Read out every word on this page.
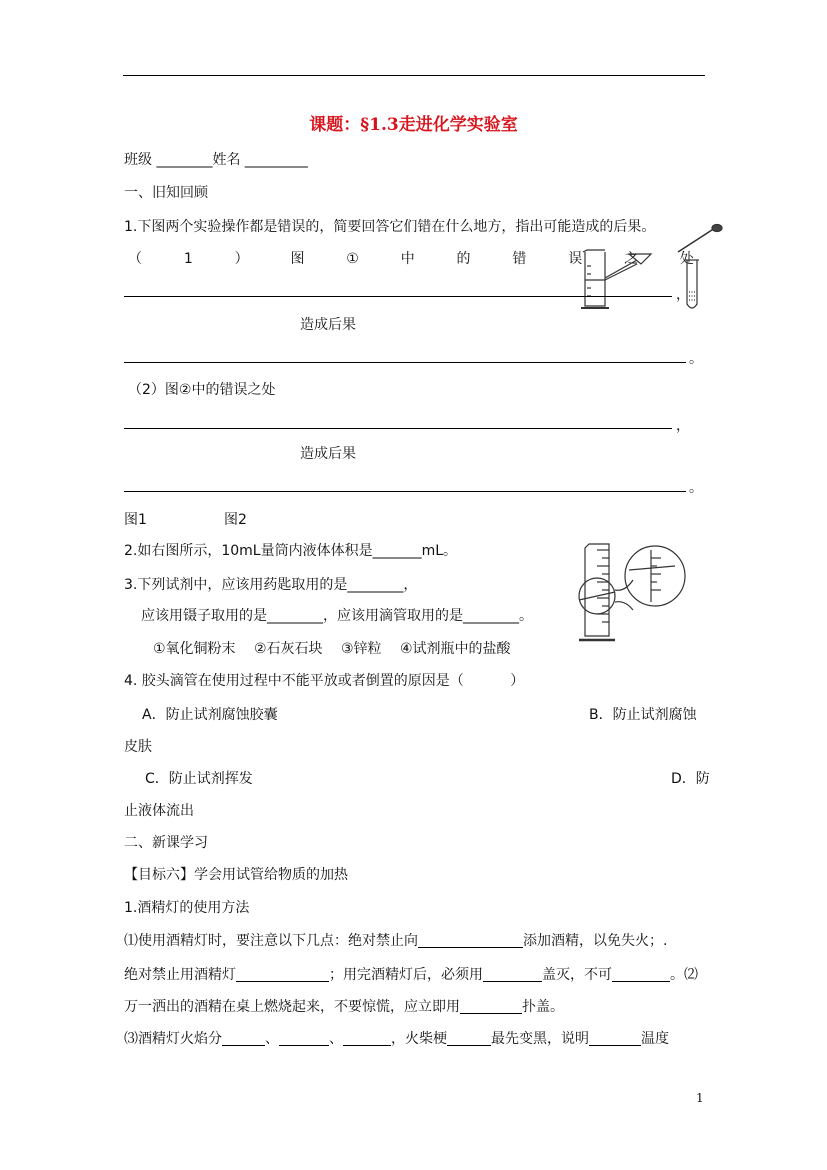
课题：§1.3走进化学实验室
班级 ________姓名 _________
一、旧知回顾
1.下图两个实验操作都是错误的，简要回答它们错在什么地方，指出可能造成的后果。
（	1	）	图	①	中	的	错	误	之	处
，
造成后果
。
（2）图②中的错误之处
，
造成后果
。
图1	图2
2.如右图所示，10mL量筒内液体体积是_______mL。
3.下列试剂中，应该用药匙取用的是________，
应该用镊子取用的是________，应该用滴管取用的是________。
①氧化铜粉末　 ②石灰石块　 ③锌粒　 ④试剂瓶中的盐酸
4. 胶头滴管在使用过程中不能平放或者倒置的原因是（　　　 ）
A．防止试剂腐蚀胶囊	B．防止试剂腐蚀
皮肤
C．防止试剂挥发	D．防
止液体流出
二、新课学习
【目标六】学会用试管给物质的加热
1.酒精灯的使用方法
⑴使用酒精灯时，要注意以下几点：绝对禁止向	添加酒精，以免失火；.
绝对禁止用酒精灯	；用完酒精灯后，必须用	盖灭，不可	。⑵
万一洒出的酒精在桌上燃烧起来，不要惊慌，应立即用	扑盖。
⑶酒精灯火焰分	、	、	，火柴梗	最先变黑，说明	温度
1
